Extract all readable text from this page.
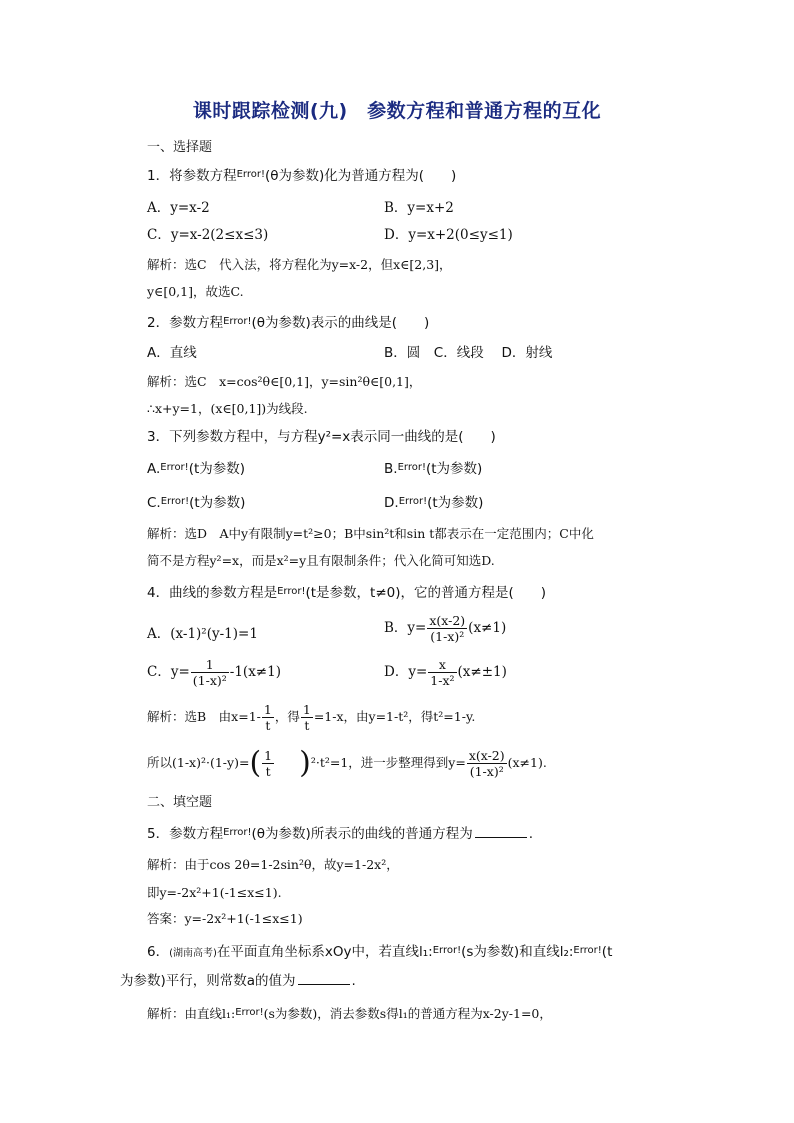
课时跟踪检测(九)　参数方程和普通方程的互化
一、选择题
1．将参数方程$^{Error!}$(θ为参数)化为普通方程为(　　)
A．y=x-2	B．y=x+2
C．y=x-2(2≤x≤3)	D．y=x+2(0≤y≤1)
解析：选C　代入法，将方程化为y=x-2，但x∈[2,3]，
y∈[0,1]，故选C.
2．参数方程$^{Error!}$(θ为参数)表示的曲线是(　　)
A．直线	B．圆　C．线段　 D．射线
解析：选C　x=cos²θ∈[0,1]，y=sin²θ∈[0,1]，
∴x+y=1，(x∈[0,1])为线段.
3．下列参数方程中，与方程y²=x表示同一曲线的是(　　)
A.$^{Error!}$(t为参数)	B.$^{Error!}$(t为参数)
C.$^{Error!}$(t为参数)	D.$^{Error!}$(t为参数)
解析：选D　A中y有限制y=t²≥0；B中sin²t和sin t都表示在一定范围内；C中化
简不是方程y²=x，而是x²=y且有限制条件；代入化简可知选D.
4．曲线的参数方程是$^{Error!}$(t是参数，t≠0)，它的普通方程是(　　)
A．(x-1)²(y-1)=1	B．$y= \frac{x(x-2)}{\text{(1-x)²}} (x\ne 1)$
C．$y= \frac{1}{\text{(1-x)²}} -1(x\ne 1)$	D．$y= \frac{x}{\text{1-x²}} (x\ne\pm 1)$
解析：选B　由$x=1- \frac{1}{t}$ ，得 $\frac{1}{t} =1-x$，由y=1-t²，得t²=1-y.
所以$(1-x)^2\cdot(1-y)=( \frac{1}{t} )^2\cdot t^2=1$，进一步整理得到$y= \frac{x(x-2)}{\text{(1-x)²}} (x\ne 1)$.
二、填空题
5．参数方程$^{Error!}$(θ为参数)所表示的曲线的普通方程为	.
解析：由于cos 2θ=1-2sin²θ，故y=1-2x²，
即y=-2x²+1(-1≤x≤1).
答案：y=-2x²+1(-1≤x≤1)
6．(湖南高考)在平面直角坐标系xOy中，若直线l₁:$^{Error!}$(s为参数)和直线l₂:$^{Error!}$(t
为参数)平行，则常数a的值为	.
解析：由直线l₁:$^{Error!}$(s为参数)，消去参数s得l₁的普通方程为x-2y-1=0，
